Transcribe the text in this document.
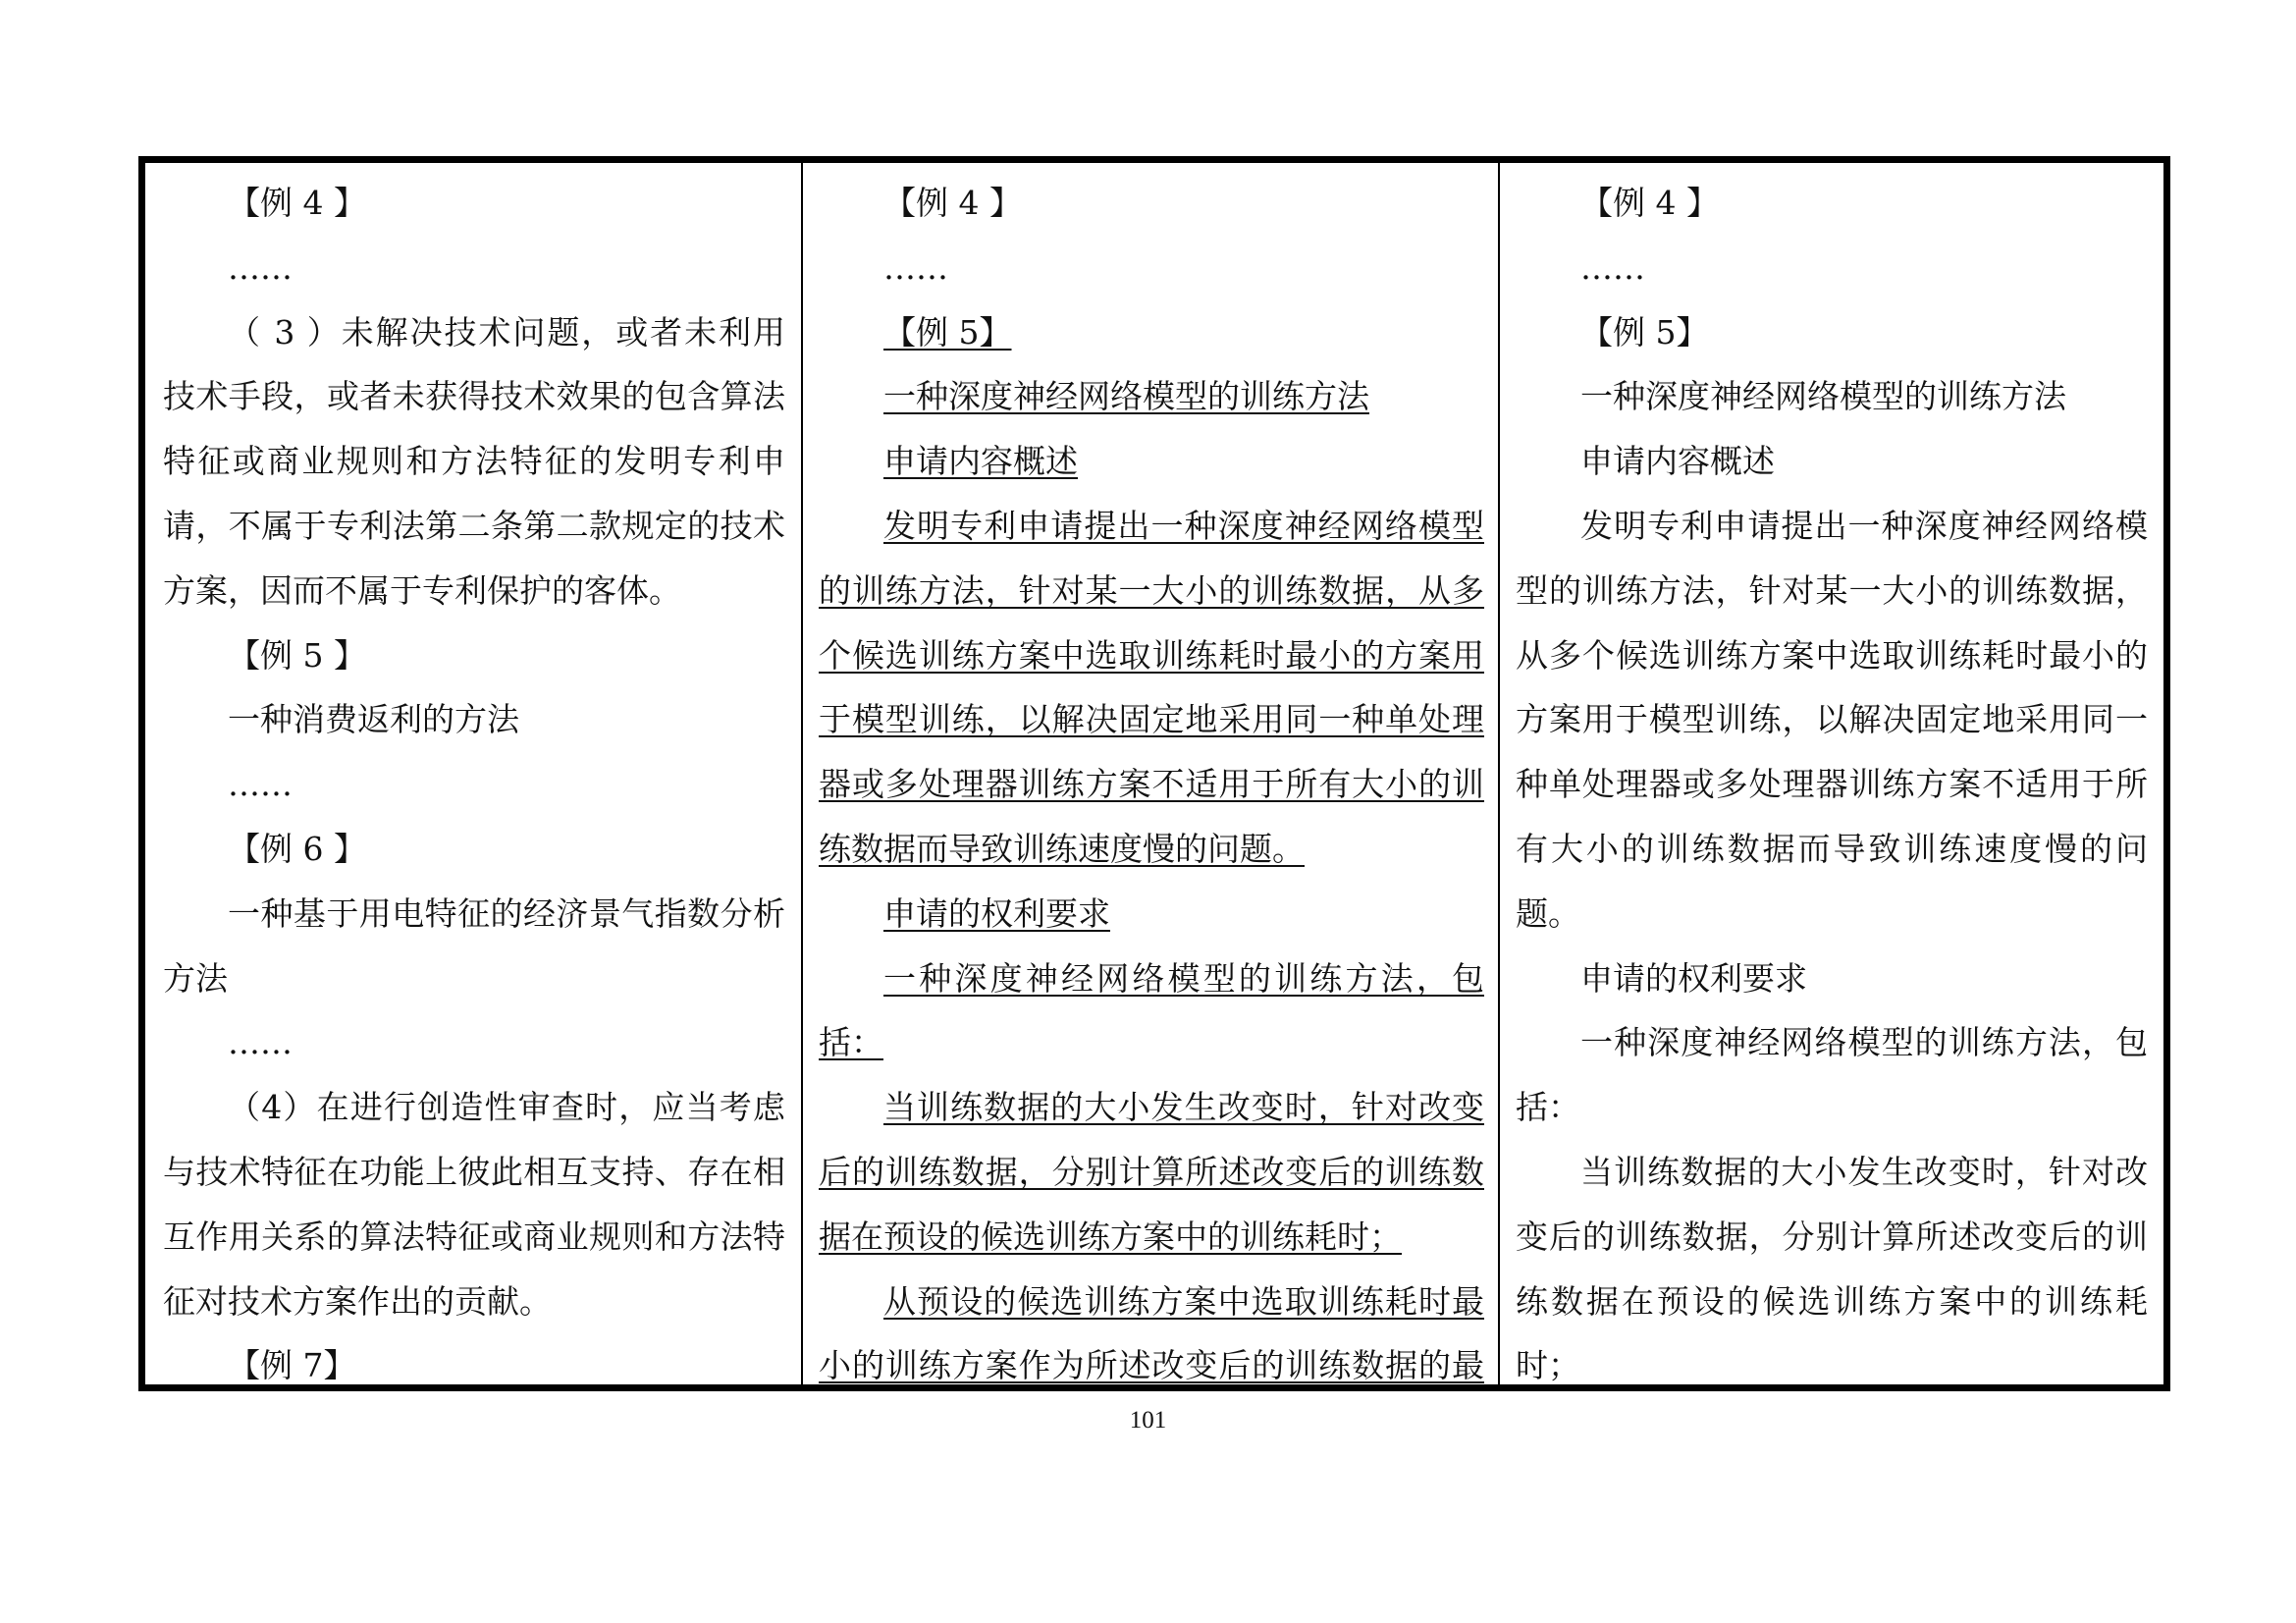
【例 4 】

……

（ 3 ）未解决技术问题，或者未利用技术手段，或者未获得技术效果的包含算法特征或商业规则和方法特征的发明专利申请，不属于专利法第二条第二款规定的技术方案，因而不属于专利保护的客体。

【例 5 】

一种消费返利的方法

……

【例 6 】

一种基于用电特征的经济景气指数分析方法

……

（4）在进行创造性审查时，应当考虑与技术特征在功能上彼此相互支持、存在相互作用关系的算法特征或商业规则和方法特征对技术方案作出的贡献。

【例 7】

【例 4 】

……

【例 5】

一种深度神经网络模型的训练方法

申请内容概述

发明专利申请提出一种深度神经网络模型的训练方法，针对某一大小的训练数据，从多个候选训练方案中选取训练耗时最小的方案用于模型训练，以解决固定地采用同一种单处理器或多处理器训练方案不适用于所有大小的训练数据而导致训练速度慢的问题。

申请的权利要求

一种深度神经网络模型的训练方法，包括：

当训练数据的大小发生改变时，针对改变后的训练数据，分别计算所述改变后的训练数据在预设的候选训练方案中的训练耗时；

从预设的候选训练方案中选取训练耗时最小的训练方案作为所述改变后的训练数据的最

【例 4 】

……

【例 5】

一种深度神经网络模型的训练方法

申请内容概述

发明专利申请提出一种深度神经网络模型的训练方法，针对某一大小的训练数据，从多个候选训练方案中选取训练耗时最小的方案用于模型训练，以解决固定地采用同一种单处理器或多处理器训练方案不适用于所有大小的训练数据而导致训练速度慢的问题。

申请的权利要求

一种深度神经网络模型的训练方法，包括：

当训练数据的大小发生改变时，针对改变后的训练数据，分别计算所述改变后的训练数据在预设的候选训练方案中的训练耗时；

101
